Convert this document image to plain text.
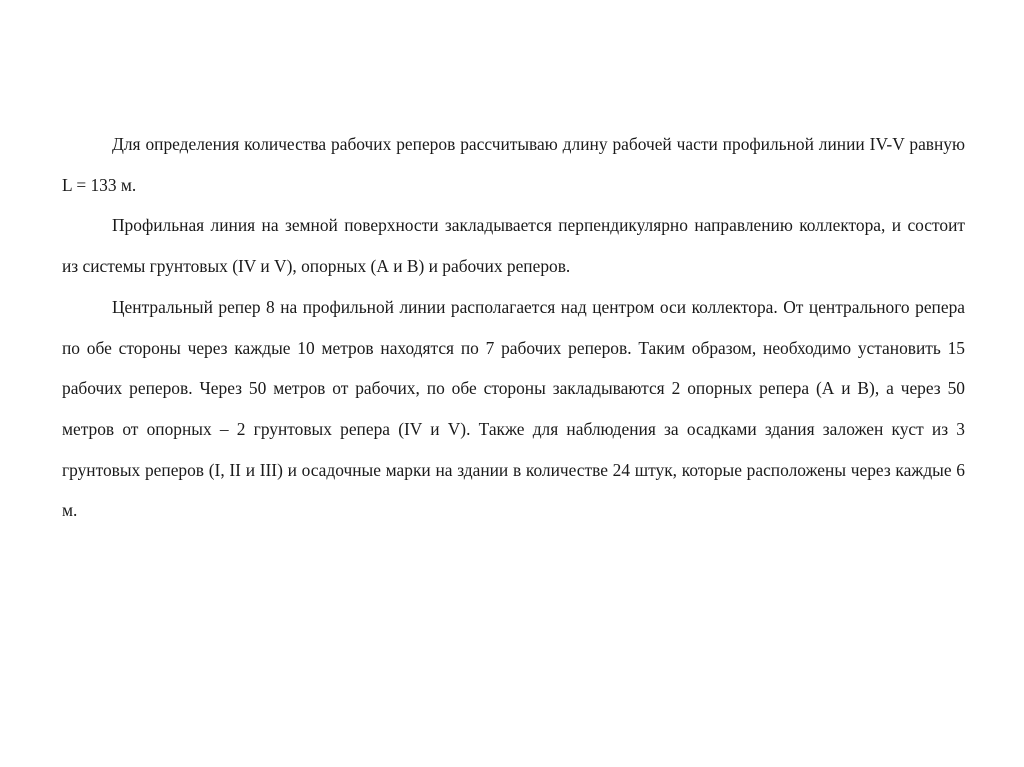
Для определения количества рабочих реперов рассчитываю длину рабочей части профильной линии IV-V равную L = 133 м.

Профильная линия на земной поверхности закладывается перпендикулярно направлению коллектора, и состоит из системы грунтовых (IV и V), опорных (А и В) и рабочих реперов.

Центральный репер 8 на профильной линии располагается над центром оси коллектора. От центрального репера по обе стороны через каждые 10 метров находятся по 7 рабочих реперов. Таким образом, необходимо установить 15 рабочих реперов. Через 50 метров от рабочих, по обе стороны закладываются 2 опорных репера (А и В), а через 50 метров от опорных – 2 грунтовых репера (IV и V). Также для наблюдения за осадками здания заложен куст из 3 грунтовых реперов (I, II и III) и осадочные марки на здании в количестве 24 штук, которые расположены через каждые 6 м.
